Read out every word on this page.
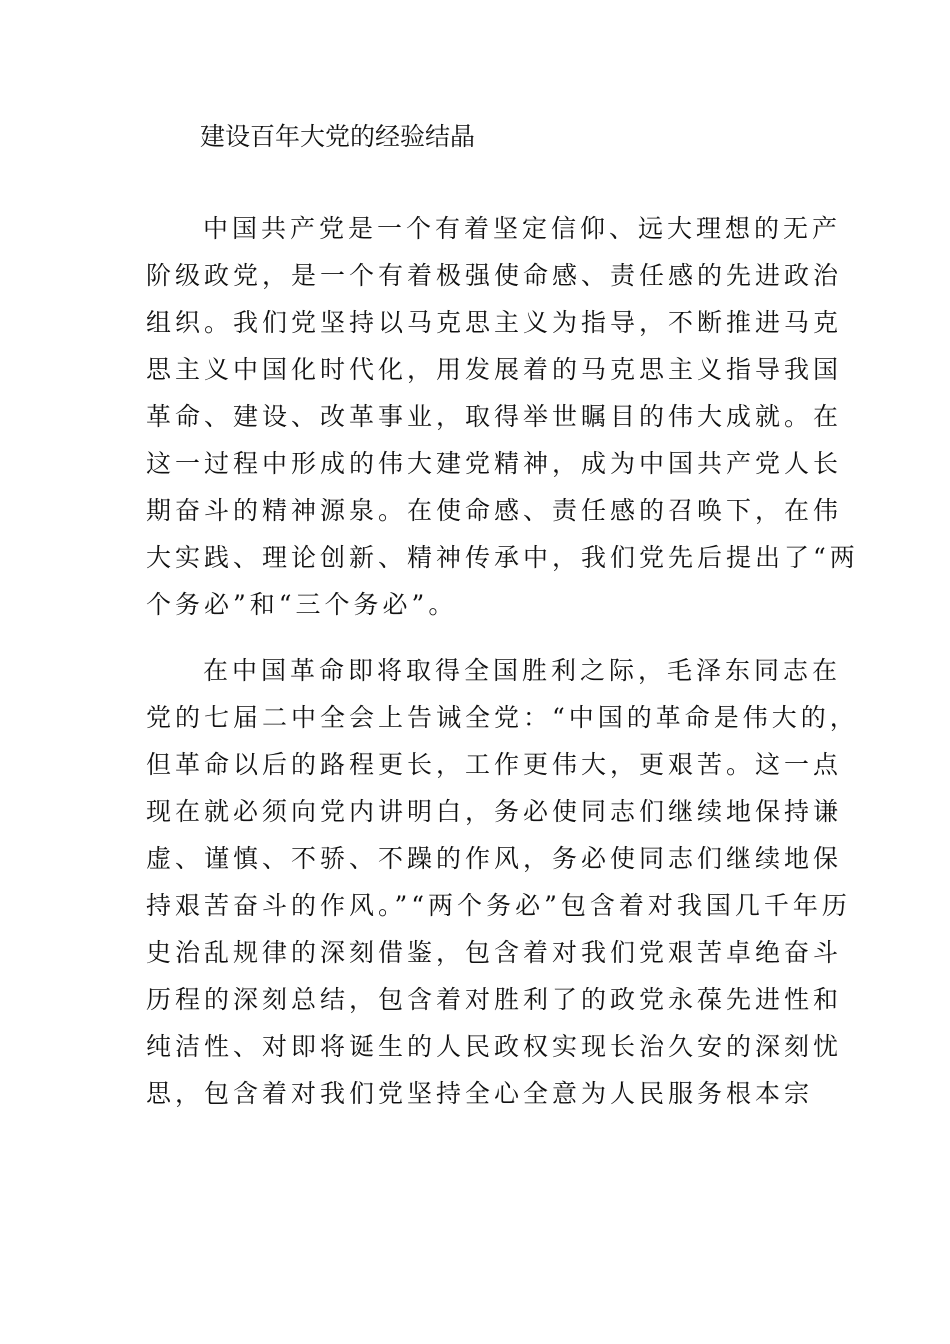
建设百年大党的经验结晶
中国共产党是一个有着坚定信仰、远大理想的无产
阶级政党，是一个有着极强使命感、责任感的先进政治
组织。我们党坚持以马克思主义为指导，不断推进马克
思主义中国化时代化，用发展着的马克思主义指导我国
革命、建设、改革事业，取得举世瞩目的伟大成就。在
这一过程中形成的伟大建党精神，成为中国共产党人长
期奋斗的精神源泉。在使命感、责任感的召唤下，在伟
大实践、理论创新、精神传承中，我们党先后提出了“两
个务必”和“三个务必”。
在中国革命即将取得全国胜利之际，毛泽东同志在
党的七届二中全会上告诫全党：“中国的革命是伟大的，
但革命以后的路程更长，工作更伟大，更艰苦。这一点
现在就必须向党内讲明白，务必使同志们继续地保持谦
虚、谨慎、不骄、不躁的作风，务必使同志们继续地保
持艰苦奋斗的作风。”“两个务必”包含着对我国几千年历
史治乱规律的深刻借鉴，包含着对我们党艰苦卓绝奋斗
历程的深刻总结，包含着对胜利了的政党永葆先进性和
纯洁性、对即将诞生的人民政权实现长治久安的深刻忧
思，包含着对我们党坚持全心全意为人民服务根本宗
